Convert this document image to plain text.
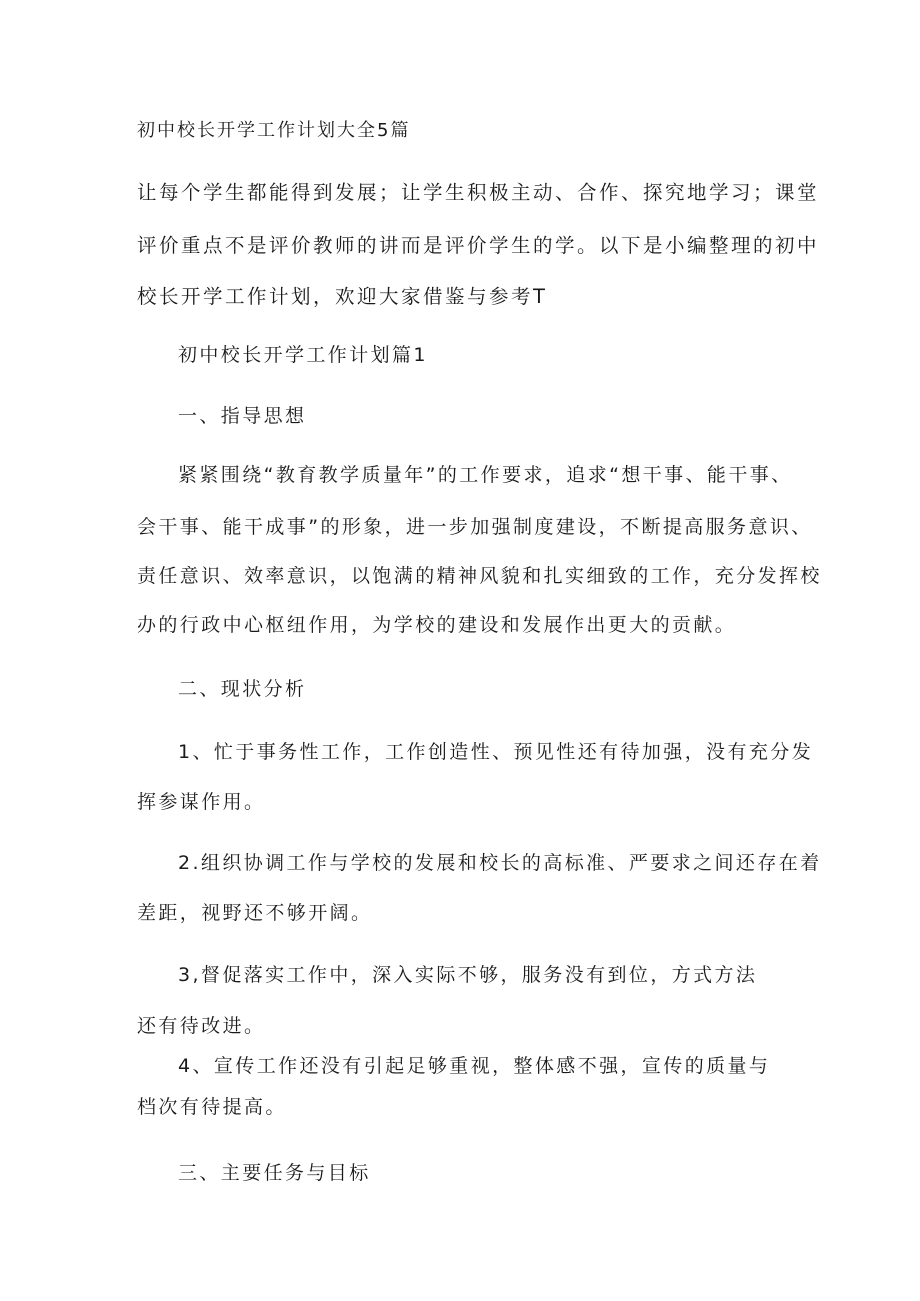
初中校长开学工作计划大全5篇

让每个学生都能得到发展；让学生积极主动、合作、探究地学习；课堂

评价重点不是评价教师的讲而是评价学生的学。以下是小编整理的初中

校长开学工作计划，欢迎大家借鉴与参考T

初中校长开学工作计划篇1

一、指导思想

紧紧围绕“教育教学质量年”的工作要求，追求“想干事、能干事、

会干事、能干成事”的形象，进一步加强制度建设，不断提高服务意识、

责任意识、效率意识，以饱满的精神风貌和扎实细致的工作，充分发挥校

办的行政中心枢纽作用，为学校的建设和发展作出更大的贡献。

二、现状分析

1、忙于事务性工作，工作创造性、预见性还有待加强，没有充分发

挥参谋作用。

2.组织协调工作与学校的发展和校长的高标准、严要求之间还存在着

差距，视野还不够开阔。

3,督促落实工作中，深入实际不够，服务没有到位，方式方法

还有待改进。

4、宣传工作还没有引起足够重视，整体感不强，宣传的质量与

档次有待提高。

三、主要任务与目标
